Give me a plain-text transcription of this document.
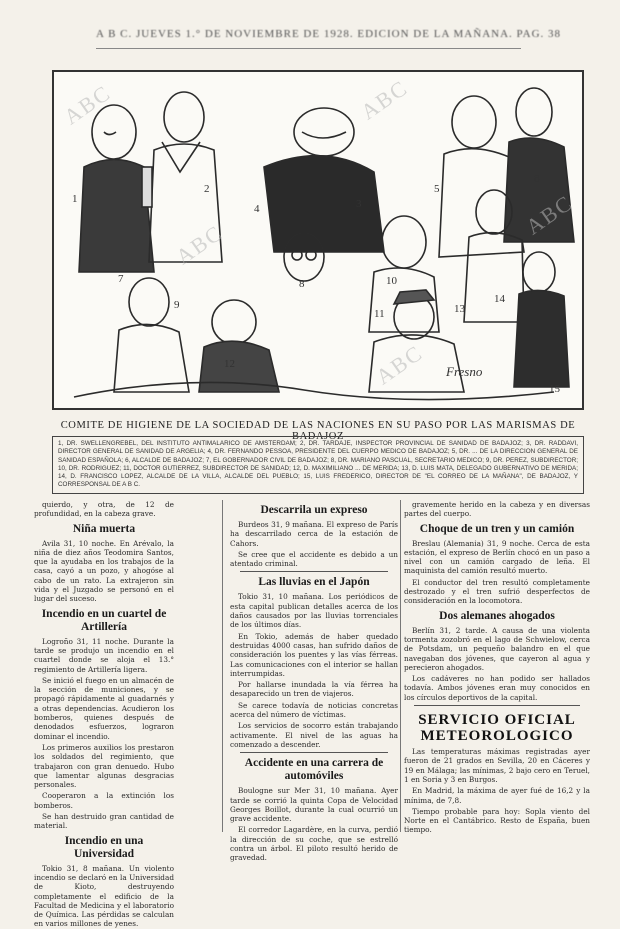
A B C. JUEVES 1.° DE NOVIEMBRE DE 1928. EDICION DE LA MAÑANA. PAG. 38
1
2
3
4
5
6
7	8
9
10
11
12
13
14
15
Fresno
ABC	ABC
ABC
ABC
ABC
COMITE DE HIGIENE DE LA SOCIEDAD DE LAS NACIONES EN SU PASO POR LAS MARISMAS DE BADAJOZ
1, DR. SWELLENGREBEL, DEL INSTITUTO ANTIMALARICO DE AMSTERDAM; 2, DR. TARDAJE, INSPECTOR PROVINCIAL DE SANIDAD DE BADAJOZ; 3, DR. RADDAVI, DIRECTOR GENERAL DE SANIDAD DE ARGELIA; 4, DR. FERNANDO PESSOA, PRESIDENTE DEL CUERPO MEDICO DE BADAJOZ; 5, DR. ... DE LA DIRECCION GENERAL DE SANIDAD ESPAÑOLA; 6, ALCALDE DE BADAJOZ; 7, EL GOBERNADOR CIVIL DE BADAJOZ; 8, DR. MARIANO PASCUAL, SECRETARIO MEDICO; 9, DR. PEREZ, SUBDIRECTOR; 10, DR. RODRIGUEZ; 11, DOCTOR GUTIERREZ, SUBDIRECTOR DE SANIDAD; 12, D. MAXIMILIANO ... DE MERIDA; 13, D. LUIS MATA, DELEGADO GUBERNATIVO DE MERIDA; 14, D. FRANCISCO LOPEZ, ALCALDE DE LA VILLA, ALCALDE DEL PUEBLO; 15, LUIS FREDERICO, DIRECTOR DE "EL CORREO DE LA MAÑANA", DE BADAJOZ, Y CORRESPONSAL DE A B C.

quierdo, y otra, de 12 de profundidad, en la cabeza grave.

Niña muerta

Avila 31, 10 noche. En Arévalo, la niña de diez años Teodomira Santos, que la ayudaba en los trabajos de la casa, cayó a un pozo, y ahogóse al cabo de un rato. La extrajeron sin vida y el Juzgado se personó en el lugar del suceso.

Incendio en un cuartel de Artillería

Logroño 31, 11 noche. Durante la tarde se produjo un incendio en el cuartel donde se aloja el 13.° regimiento de Artillería ligera.

Se inició el fuego en un almacén de la sección de municiones, y se propagó rápidamente al guadarnés y a otras dependencias. Acudieron los bomberos, quienes después de denodados esfuerzos, lograron dominar el incendio.

Los primeros auxilios los prestaron los soldados del regimiento, que trabajaron con gran denuedo. Hubo que lamentar algunas desgracias personales.

Cooperaron a la extinción los bomberos.

Se han destruido gran cantidad de material.

Incendio en una Universidad

Tokio 31, 8 mañana. Un violento incendio se declaró en la Universidad de Kioto, destruyendo completamente el edificio de la Facultad de Medicina y el laboratorio de Química. Las pérdidas se calculan en varios millones de yenes.

Descarrila un expreso

Burdeos 31, 9 mañana. El expreso de París ha descarrilado cerca de la estación de Cahors.

Se cree que el accidente es debido a un atentado criminal.

Las lluvias en el Japón

Tokio 31, 10 mañana. Los periódicos de esta capital publican detalles acerca de los daños causados por las lluvias torrenciales de los últimos días.

En Tokio, además de haber quedado destruidas 4000 casas, han sufrido daños de consideración los puentes y las vías férreas. Las comunicaciones con el interior se hallan interrumpidas.

Por hallarse inundada la vía férrea ha desaparecido un tren de viajeros.

Se carece todavía de noticias concretas acerca del número de víctimas.

Los servicios de socorro están trabajando activamente. El nivel de las aguas ha comenzado a descender.

Accidente en una carrera de automóviles

Boulogne sur Mer 31, 10 mañana. Ayer tarde se corrió la quinta Copa de Velocidad Georges Boillot, durante la cual ocurrió un grave accidente.

El corredor Lagardère, en la curva, perdió la dirección de su coche, que se estrelló contra un árbol. El piloto resultó herido de gravedad.

gravemente herido en la cabeza y en diversas partes del cuerpo.

Choque de un tren y un camión

Breslau (Alemania) 31, 9 noche. Cerca de esta estación, el expreso de Berlín chocó en un paso a nivel con un camión cargado de leña. El maquinista del camión resultó muerto.

El conductor del tren resultó completamente destrozado y el tren sufrió desperfectos de consideración en la locomotora.

Dos alemanes ahogados

Berlín 31, 2 tarde. A causa de una violenta tormenta zozobró en el lago de Schwielow, cerca de Potsdam, un pequeño balandro en el que navegaban dos jóvenes, que cayeron al agua y perecieron ahogados.

Los cadáveres no han podido ser hallados todavía. Ambos jóvenes eran muy conocidos en los círculos deportivos de la capital.

SERVICIO OFICIAL METEOROLOGICO

Las temperaturas máximas registradas ayer fueron de 21 grados en Sevilla, 20 en Cáceres y 19 en Málaga; las mínimas, 2 bajo cero en Teruel, 1 en Soria y 3 en Burgos.

En Madrid, la máxima de ayer fué de 16,2 y la mínima, de 7,8.

Tiempo probable para hoy: Sopla viento del Norte en el Cantábrico. Resto de España, buen tiempo.
